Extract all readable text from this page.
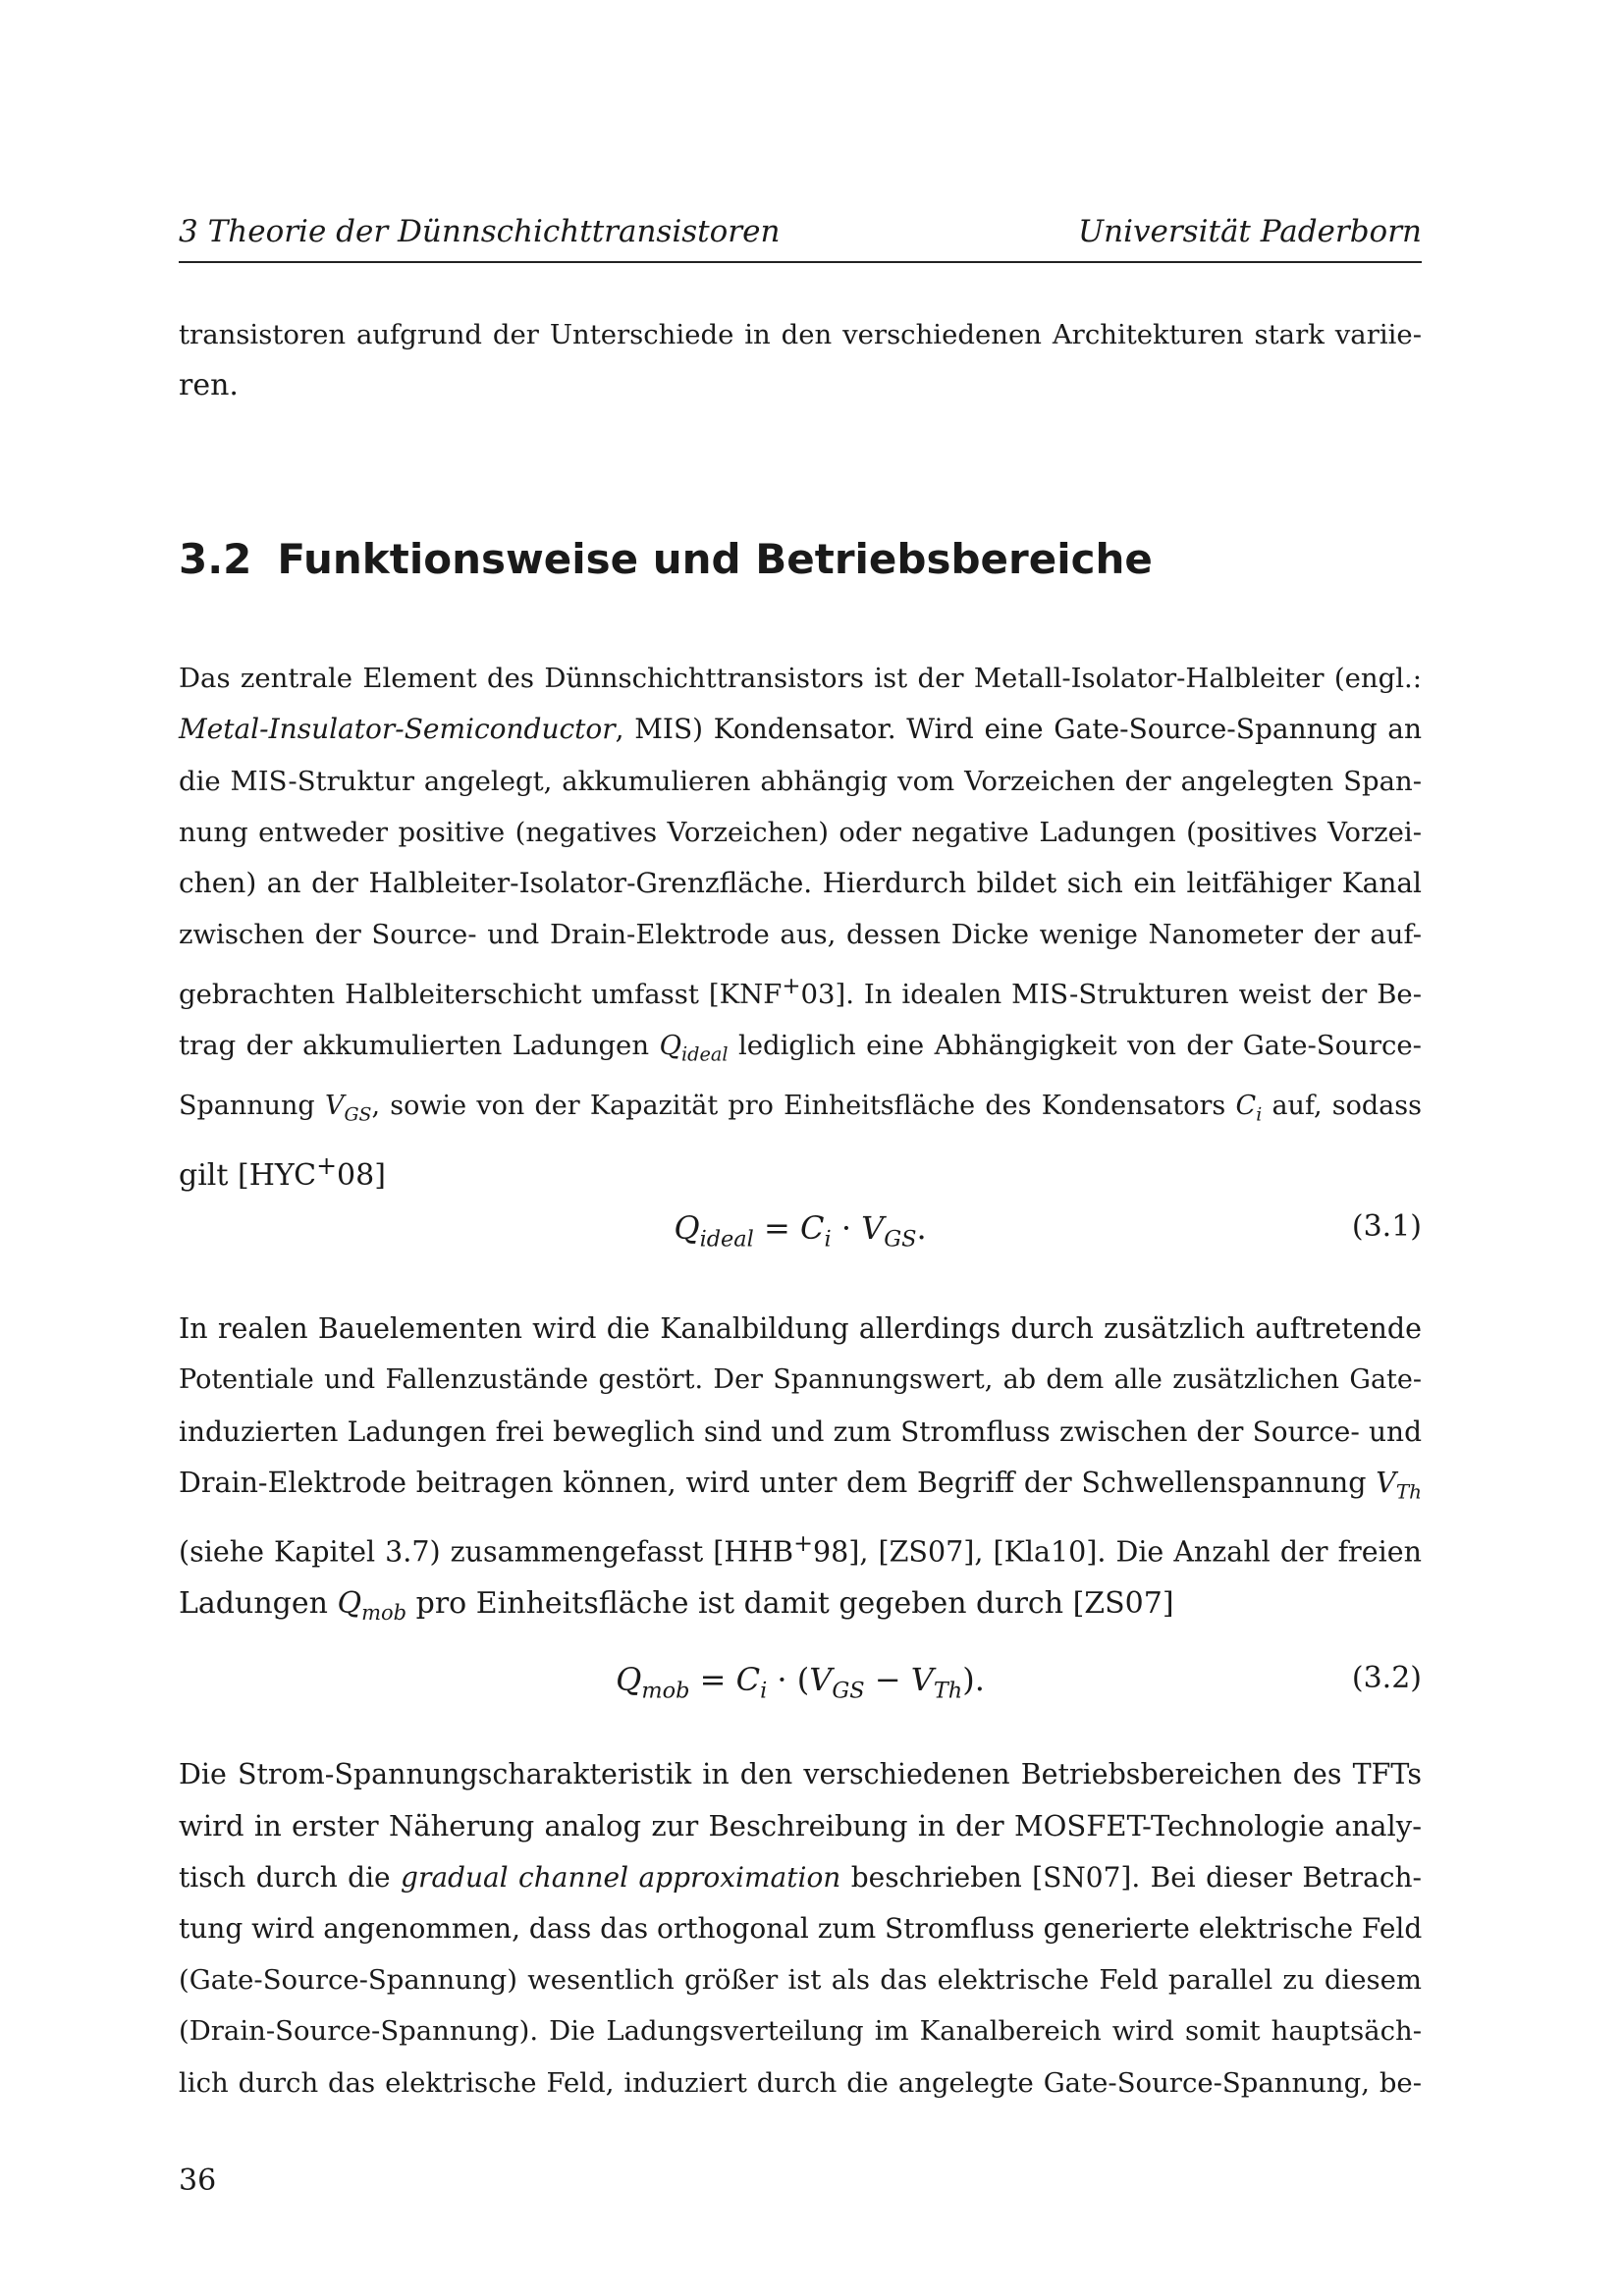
3 Theorie der Dünnschichttransistoren	Universität Paderborn
transistoren aufgrund der Unterschiede in den verschiedenen Architekturen stark variie-
ren.
3.2 Funktionsweise und Betriebsbereiche
Das zentrale Element des Dünnschichttransistors ist der Metall-Isolator-Halbleiter (engl.:
Metal-Insulator-Semiconductor, MIS) Kondensator. Wird eine Gate-Source-Spannung an
die MIS-Struktur angelegt, akkumulieren abhängig vom Vorzeichen der angelegten Span-
nung entweder positive (negatives Vorzeichen) oder negative Ladungen (positives Vorzei-
chen) an der Halbleiter-Isolator-Grenzfläche. Hierdurch bildet sich ein leitfähiger Kanal
zwischen der Source- und Drain-Elektrode aus, dessen Dicke wenige Nanometer der auf-
gebrachten Halbleiterschicht umfasst [KNF+03]. In idealen MIS-Strukturen weist der Be-
trag der akkumulierten Ladungen $Q_{ideal}$ lediglich eine Abhängigkeit von der Gate-Source-
Spannung $V_{GS}$, sowie von der Kapazität pro Einheitsfläche des Kondensators $C_i$ auf, sodass
gilt [HYC+08]
$Q_{ideal} = C_i \cdot V_{GS}$.	(3.1)
In realen Bauelementen wird die Kanalbildung allerdings durch zusätzlich auftretende
Potentiale und Fallenzustände gestört. Der Spannungswert, ab dem alle zusätzlichen Gate-
induzierten Ladungen frei beweglich sind und zum Stromfluss zwischen der Source- und
Drain-Elektrode beitragen können, wird unter dem Begriff der Schwellenspannung $V_{Th}$
(siehe Kapitel 3.7) zusammengefasst [HHB+98], [ZS07], [Kla10]. Die Anzahl der freien
Ladungen $Q_{mob}$ pro Einheitsfläche ist damit gegeben durch [ZS07]
$Q_{mob} = C_i \cdot (V_{GS} - V_{Th})$.	(3.2)
Die Strom-Spannungscharakteristik in den verschiedenen Betriebsbereichen des TFTs
wird in erster Näherung analog zur Beschreibung in der MOSFET-Technologie analy-
tisch durch die gradual channel approximation beschrieben [SN07]. Bei dieser Betrach-
tung wird angenommen, dass das orthogonal zum Stromfluss generierte elektrische Feld
(Gate-Source-Spannung) wesentlich größer ist als das elektrische Feld parallel zu diesem
(Drain-Source-Spannung). Die Ladungsverteilung im Kanalbereich wird somit hauptsäch-
lich durch das elektrische Feld, induziert durch die angelegte Gate-Source-Spannung, be-
36
